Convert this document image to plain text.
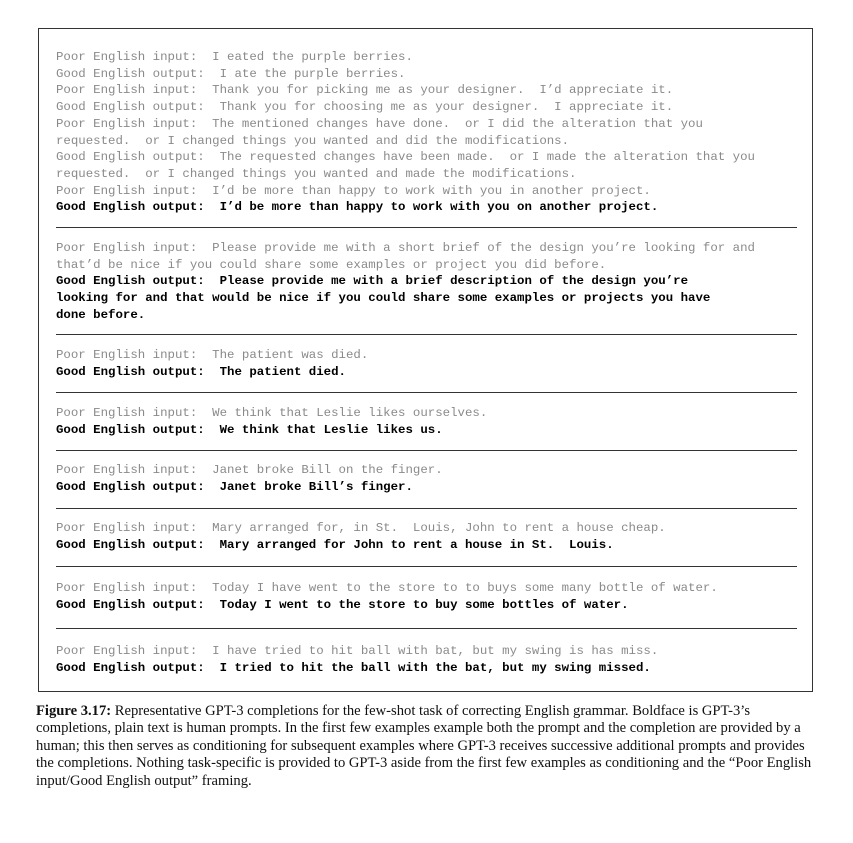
Poor English input:  I eated the purple berries.
Good English output:  I ate the purple berries.
Poor English input:  Thank you for picking me as your designer.  I’d appreciate it.
Good English output:  Thank you for choosing me as your designer.  I appreciate it.
Poor English input:  The mentioned changes have done.  or I did the alteration that you
requested.  or I changed things you wanted and did the modifications.
Good English output:  The requested changes have been made.  or I made the alteration that you
requested.  or I changed things you wanted and made the modifications.
Poor English input:  I’d be more than happy to work with you in another project.
Good English output:  I’d be more than happy to work with you on another project.
Poor English input:  Please provide me with a short brief of the design you’re looking for and
that’d be nice if you could share some examples or project you did before.
Good English output:  Please provide me with a brief description of the design you’re
looking for and that would be nice if you could share some examples or projects you have
done before.
Poor English input:  The patient was died.
Good English output:  The patient died.
Poor English input:  We think that Leslie likes ourselves.
Good English output:  We think that Leslie likes us.
Poor English input:  Janet broke Bill on the finger.
Good English output:  Janet broke Bill’s finger.
Poor English input:  Mary arranged for, in St.  Louis, John to rent a house cheap.
Good English output:  Mary arranged for John to rent a house in St.  Louis.
Poor English input:  Today I have went to the store to to buys some many bottle of water.
Good English output:  Today I went to the store to buy some bottles of water.
Poor English input:  I have tried to hit ball with bat, but my swing is has miss.
Good English output:  I tried to hit the ball with the bat, but my swing missed.
Figure 3.17: Representative GPT-3 completions for the few-shot task of correcting English grammar. Boldface is GPT-3’s completions, plain text is human prompts. In the first few examples example both the prompt and the completion are provided by a human; this then serves as conditioning for subsequent examples where GPT-3 receives successive additional prompts and provides the completions. Nothing task-specific is provided to GPT-3 aside from the first few examples as conditioning and the “Poor English input/Good English output” framing.
